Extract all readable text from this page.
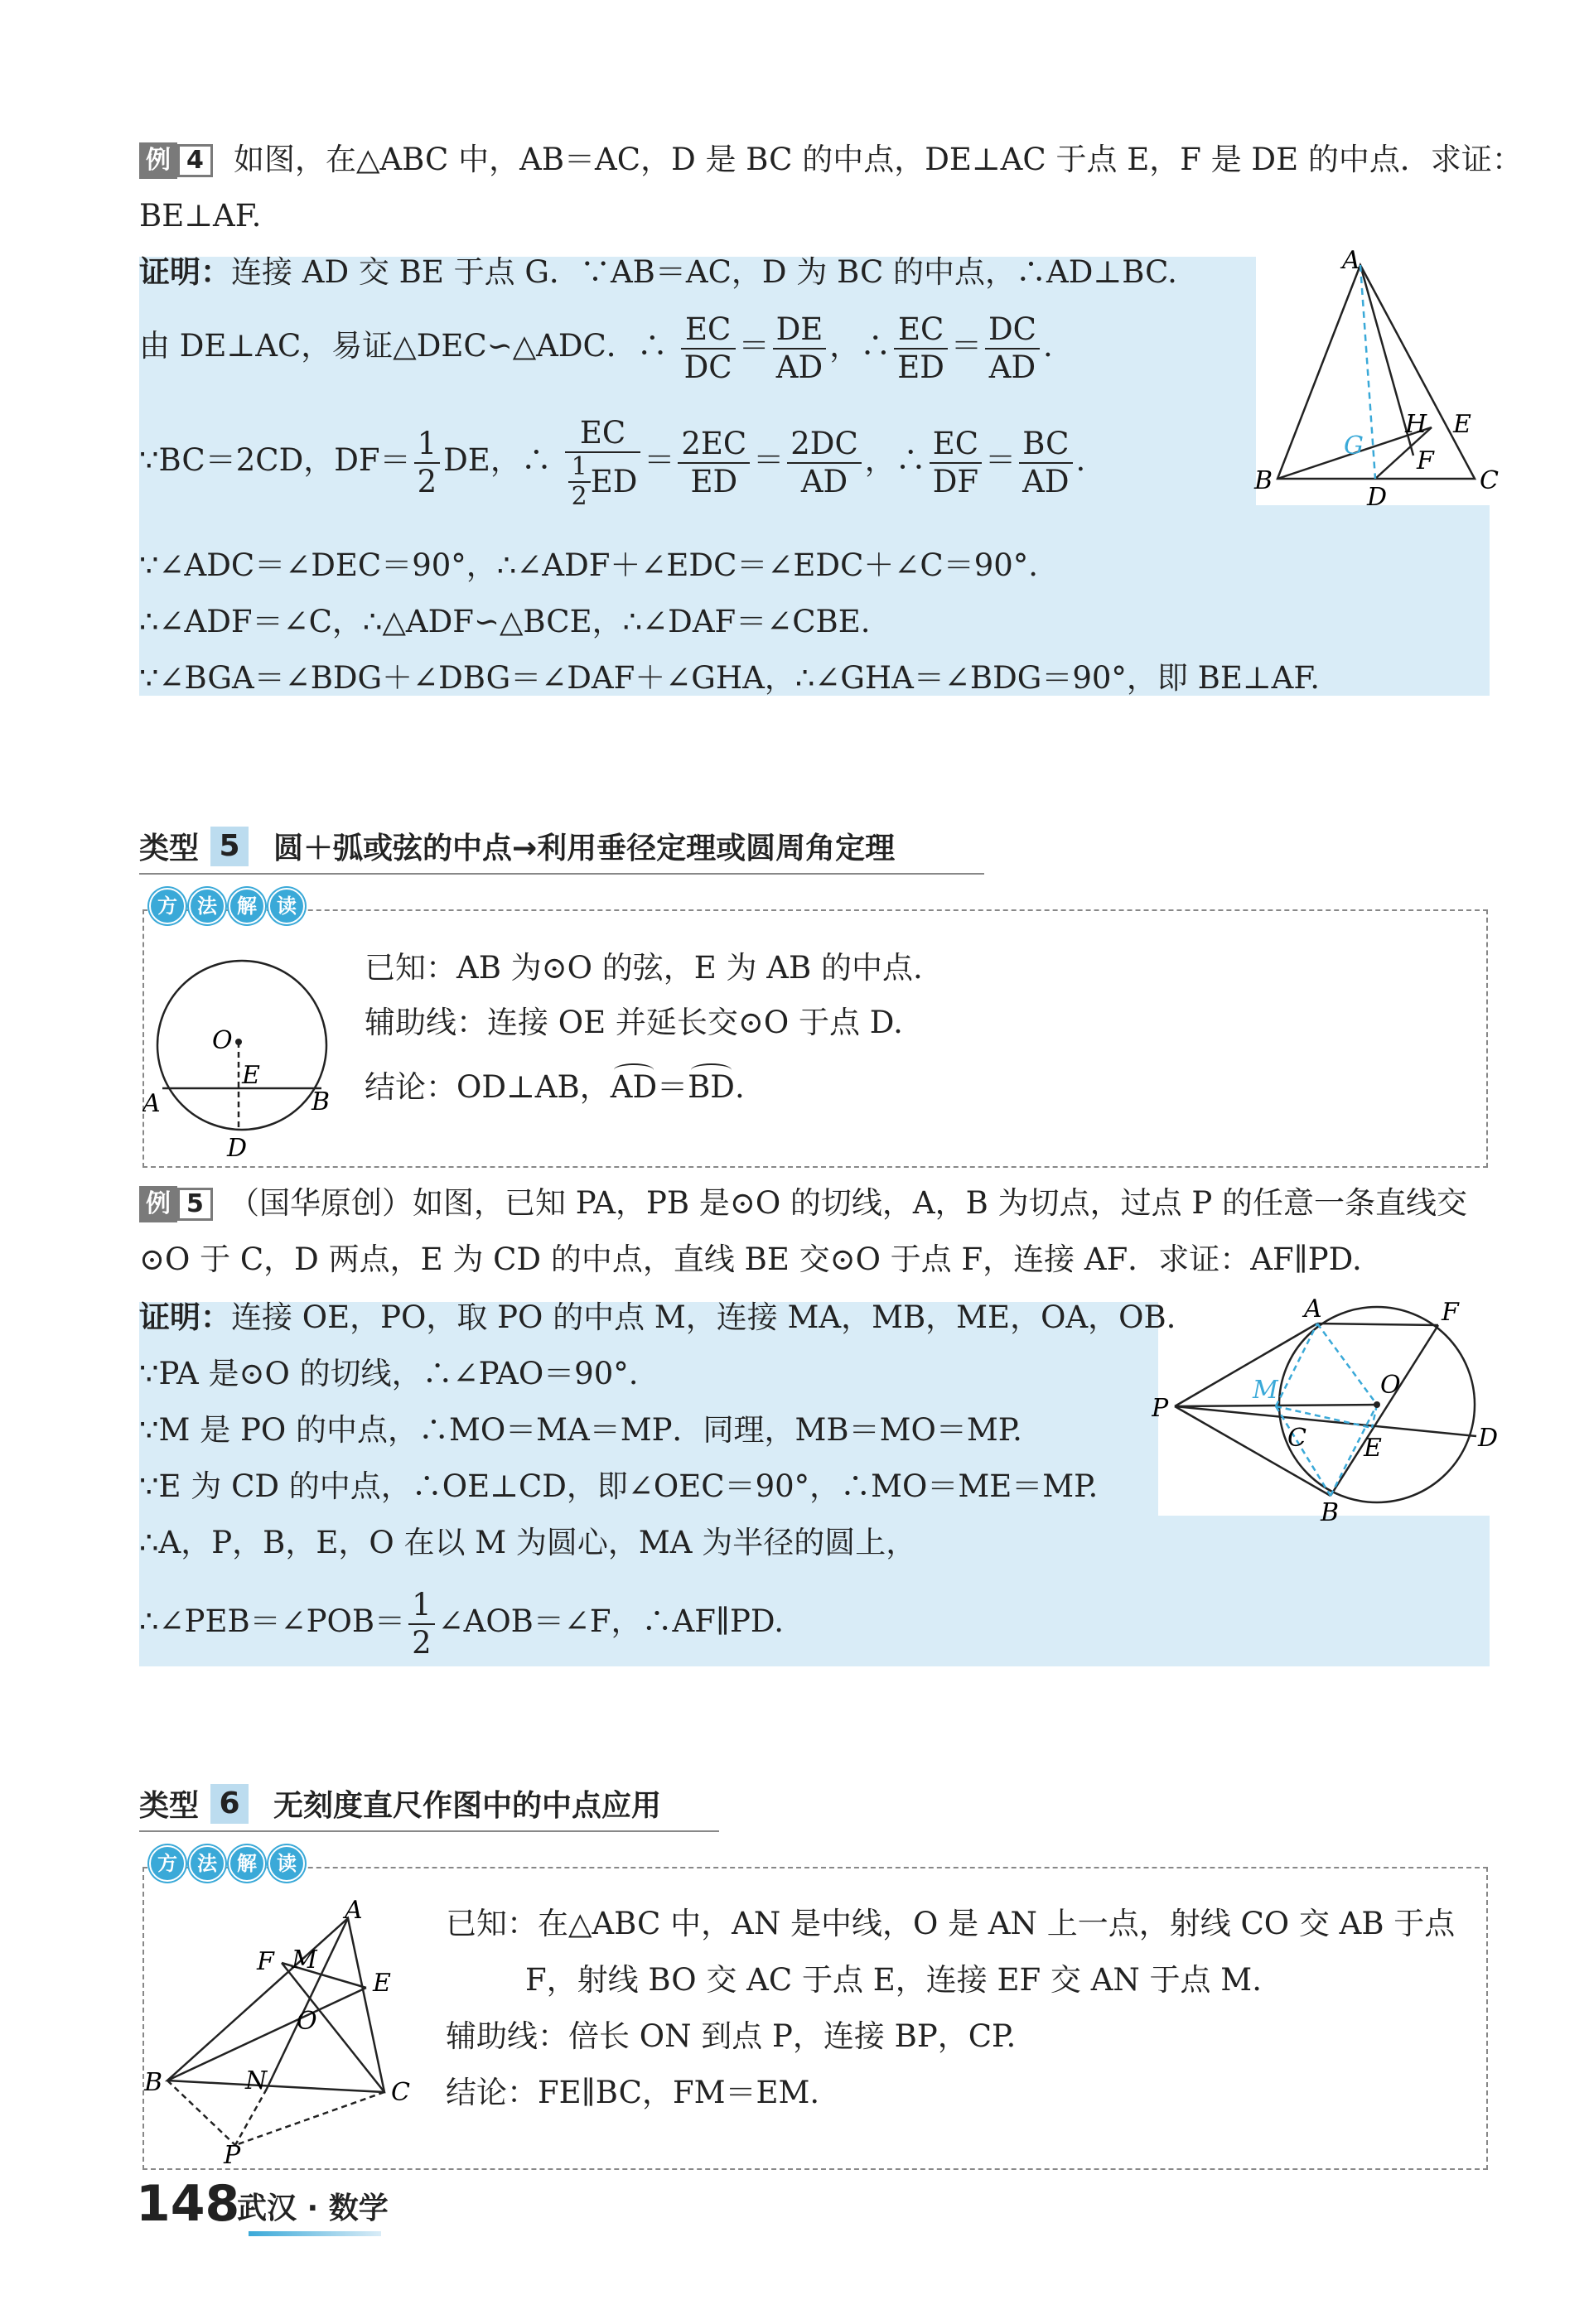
例 4 如图，在△ABC 中，AB＝AC，D 是 BC 的中点，DE⊥AC 于点 E，F 是 DE 的中点．求证：
BE⊥AF.
证明：连接 AD 交 BE 于点 G．∵AB＝AC，D 为 BC 的中点，∴AD⊥BC.
由 DE⊥AC，易证△DEC∽△ADC．∴ $\frac{EC}{DC} = \frac{DE}{AD}$ ，∴ $\frac{EC}{ED} = \frac{DC}{AD}$ .
∵BC＝2CD，$DF= \frac{1}{2}$ DE，∴ $\frac{EC}{\frac{1}{2} ED} = \frac{2EC}{ED} = \frac{2DC}{AD}$ ，∴ $\frac{EC}{DF} = \frac{BC}{AD}$ .
∵∠ADC＝∠DEC＝90°，∴∠ADF＋∠EDC＝∠EDC＋∠C＝90°.
∴∠ADF＝∠C，∴△ADF∽△BCE，∴∠DAF＝∠CBE.
∵∠BGA＝∠BDG＋∠DBG＝∠DAF＋∠GHA，∴∠GHA＝∠BDG＝90°，即 BE⊥AF.
A
B	C
D
E
F
G
H
类型 5 圆＋弧或弦的中点→利用垂径定理或圆周角定理
方	法	解	读
O
E
A	B
D
已知：AB 为⊙O 的弦，E 为 AB 的中点.
辅助线：连接 OE 并延长交⊙O 于点 D.
结论：OD⊥AB，
AD＝
BD.
例 5 （国华原创）如图，已知 PA，PB 是⊙O 的切线，A，B 为切点，过点 P 的任意一条直线交
⊙O 于 C，D 两点，E 为 CD 的中点，直线 BE 交⊙O 于点 F，连接 AF．求证：AF∥PD.
证明：连接 OE，PO，取 PO 的中点 M，连接 MA，MB，ME，OA，OB.
∵PA 是⊙O 的切线，∴∠PAO＝90°.
∵M 是 PO 的中点，∴MO＝MA＝MP．同理，MB＝MO＝MP.
∵E 为 CD 的中点，∴OE⊥CD，即∠OEC＝90°，∴MO＝ME＝MP.
∴A，P，B，E，O 在以 M 为圆心，MA 为半径的圆上，
∴∠PEB＝∠POB＝ $\frac{1}{2}$ ∠AOB＝∠F，∴AF∥PD.
A	F
P
M	O
C E	D
B
类型 6 无刻度直尺作图中的中点应用
方	法	解	读
A
F M
E
O
B	N	C
P
已知：在△ABC 中，AN 是中线，O 是 AN 上一点，射线 CO 交 AB 于点
F，射线 BO 交 AC 于点 E，连接 EF 交 AN 于点 M.
辅助线：倍长 ON 到点 P，连接 BP，CP.
结论：FE∥BC，FM＝EM.
148
武汉 · 数学
